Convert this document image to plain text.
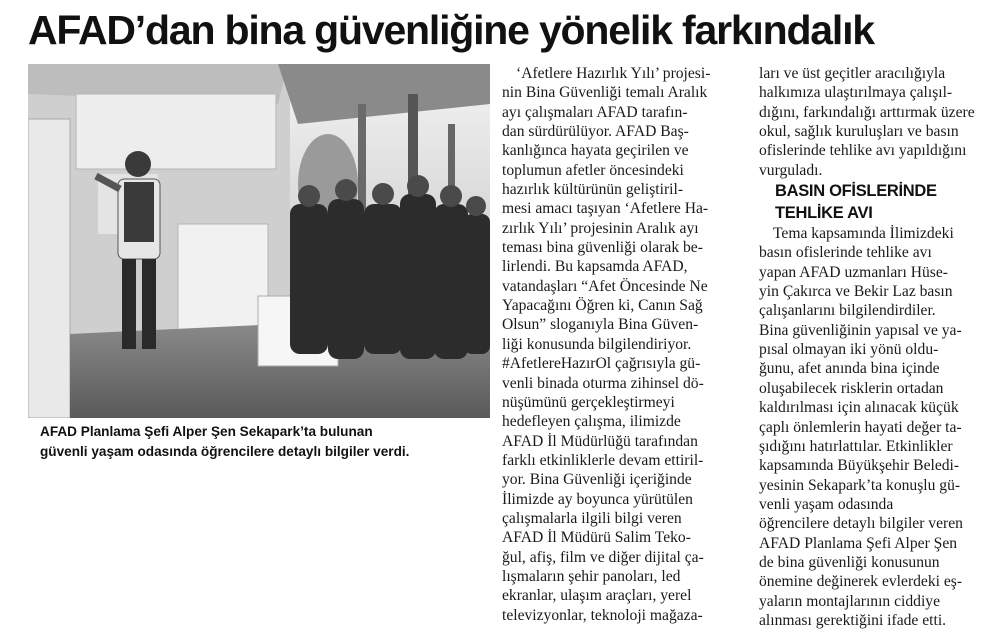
AFAD’dan bina güvenliğine yönelik farkındalık
AFAD Planlama Şefi Alper Şen Sekapark’ta bulunan
güvenli yaşam odasında öğrencilere detaylı bilgiler verdi.
‘Afetlere Hazırlık Yılı’ projesi-
nin Bina Güvenliği temalı Aralık
ayı çalışmaları AFAD tarafın-
dan sürdürülüyor. AFAD Baş-
kanlığınca hayata geçirilen ve
toplumun afetler öncesindeki
hazırlık kültürünün geliştiril-
mesi amacı taşıyan ‘Afetlere Ha-
zırlık Yılı’ projesinin Aralık ayı
teması bina güvenliği olarak be-
lirlendi. Bu kapsamda AFAD,
vatandaşları “Afet Öncesinde Ne
Yapacağını Öğren ki, Canın Sağ
Olsun” sloganıyla Bina Güven-
liği konusunda bilgilendiriyor.
#AfetlereHazırOl çağrısıyla gü-
venli binada oturma zihinsel dö-
nüşümünü gerçekleştirmeyi
hedefleyen çalışma, ilimizde
AFAD İl Müdürlüğü tarafından
farklı etkinliklerle devam ettiril-
yor. Bina Güvenliği içeriğinde
İlimizde ay boyunca yürütülen
çalışmalarla ilgili bilgi veren
AFAD İl Müdürü Salim Teko-
ğul, afiş, film ve diğer dijital ça-
lışmaların şehir panoları, led
ekranlar, ulaşım araçları, yerel
televizyonlar, teknoloji mağaza-
ları ve üst geçitler aracılığıyla
halkımıza ulaştırılmaya çalışıl-
dığını, farkındalığı arttırmak üzere
okul, sağlık kuruluşları ve basın
ofislerinde tehlike avı yapıldığını
vurguladı.
BASIN OFİSLERİNDE
TEHLİKE AVI
Tema kapsamında İlimizdeki
basın ofislerinde tehlike avı
yapan AFAD uzmanları Hüse-
yin Çakırca ve Bekir Laz basın
çalışanlarını bilgilendirdiler.
Bina güvenliğinin yapısal ve ya-
pısal olmayan iki yönü oldu-
ğunu, afet anında bina içinde
oluşabilecek risklerin ortadan
kaldırılması için alınacak küçük
çaplı önlemlerin hayati değer ta-
şıdığını hatırlattılar. Etkinlikler
kapsamında Büyükşehir Beledi-
yesinin Sekapark’ta konuşlu gü-
venli yaşam odasında
öğrencilere detaylı bilgiler veren
AFAD Planlama Şefi Alper Şen
de bina güvenliği konusunun
önemine değinerek evlerdeki eş-
yaların montajlarının ciddiye
alınması gerektiğini ifade etti.
